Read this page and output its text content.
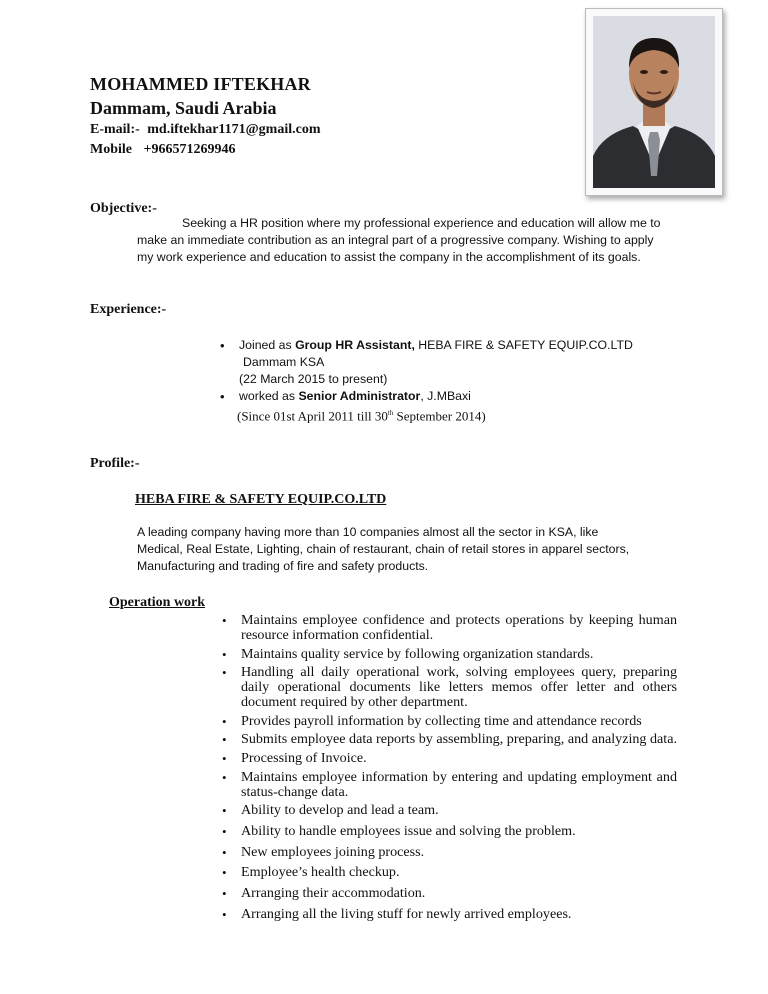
MOHAMMED IFTEKHAR
Dammam, Saudi Arabia
E-mail:- md.iftekhar1171@gmail.com
Mobile +966571269946
Objective:-
Seeking a HR position where my professional experience and education will allow me to
make an immediate contribution as an integral part of a progressive company. Wishing to apply
my work experience and education to assist the company in the accomplishment of its goals.
Experience:-
• Joined as Group HR Assistant, HEBA FIRE & SAFETY EQUIP.CO.LTD
Dammam KSA
(22 March 2015 to present)
• worked as Senior Administrator, J.MBaxi
(Since 01st April 2011 till 30th September 2014)
Profile:-
HEBA FIRE & SAFETY EQUIP.CO.LTD
A leading company having more than 10 companies almost all the sector in KSA, like
Medical, Real Estate, Lighting, chain of restaurant, chain of retail stores in apparel sectors,
Manufacturing and trading of fire and safety products.
Operation work
• Maintains employee confidence and protects operations by keeping human resource information confidential.
• Maintains quality service by following organization standards.
• Handling all daily operational work, solving employees query, preparing daily operational documents like letters memos offer letter and others document required by other department.
• Provides payroll information by collecting time and attendance records
• Submits employee data reports by assembling, preparing, and analyzing data.
• Processing of Invoice.
• Maintains employee information by entering and updating employment and status-change data.
• Ability to develop and lead a team.
• Ability to handle employees issue and solving the problem.
• New employees joining process.
• Employee’s health checkup.
• Arranging their accommodation.
• Arranging all the living stuff for newly arrived employees.
